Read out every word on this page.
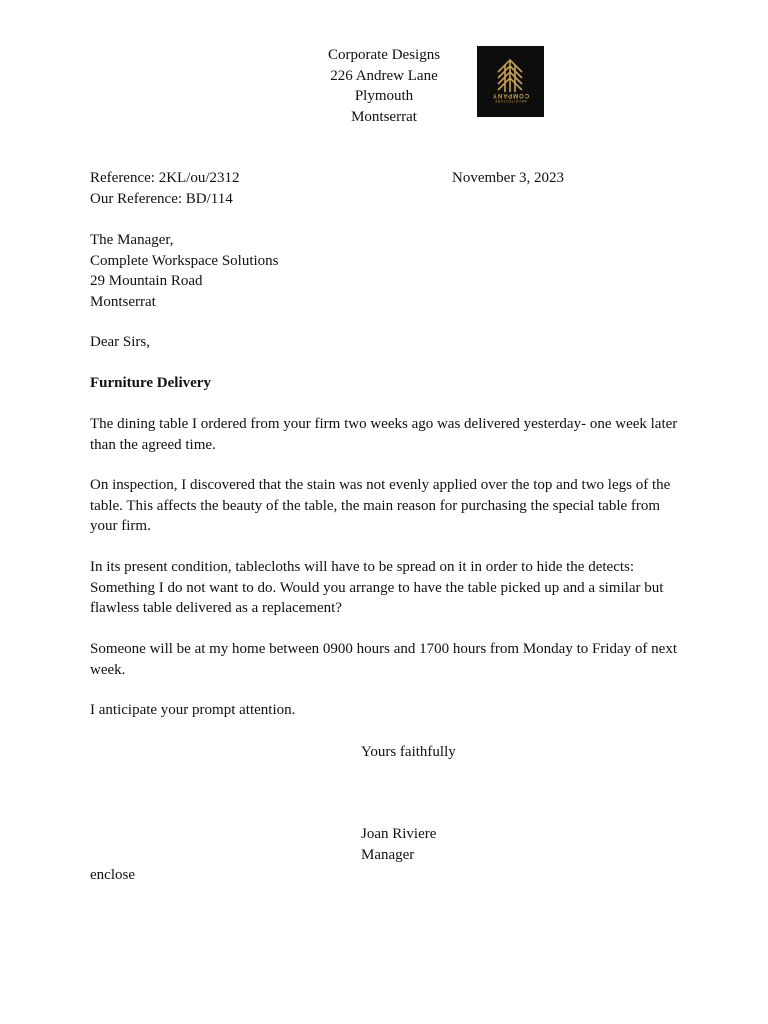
Corporate Designs
226 Andrew Lane
Plymouth
Montserrat
COMPANY
ARCHITECTURE
Reference: 2KL/ou/2312
Our Reference: BD/114
November 3, 2023
The Manager,
Complete Workspace Solutions
29 Mountain Road
Montserrat
Dear Sirs,
Furniture Delivery
The dining table I ordered from your firm two weeks ago was delivered yesterday- one week later than the agreed time.
On inspection, I discovered that the stain was not evenly applied over the top and two legs of the table. This affects the beauty of the table, the main reason for purchasing the special table from your firm.
In its present condition, tablecloths will have to be spread on it in order to hide the detects: Something I do not want to do. Would you arrange to have the table picked up and a similar but flawless table delivered as a replacement?
Someone will be at my home between 0900 hours and 1700 hours from Monday to Friday of next week.
I anticipate your prompt attention.
Yours faithfully
Joan Riviere
Manager
enclose
